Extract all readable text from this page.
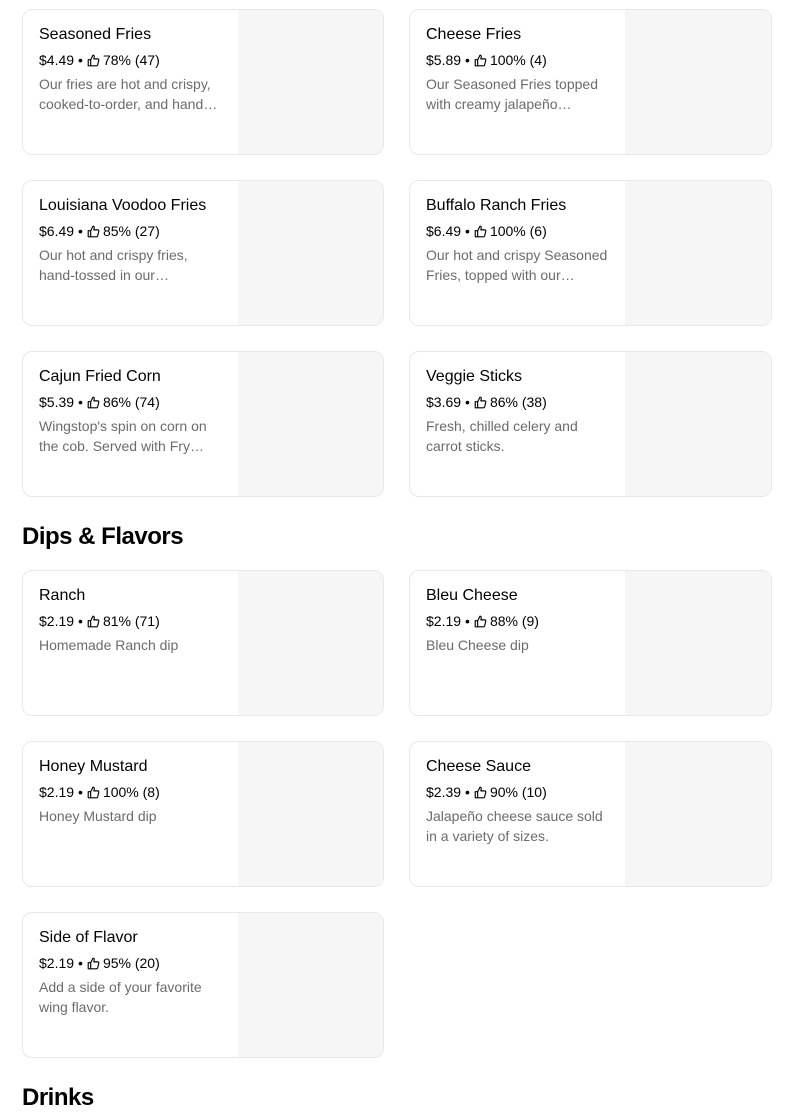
Seasoned Fries
$4.49 • 78% (47)
Our fries are hot and crispy, cooked-to-order, and hand…
Cheese Fries
$5.89 • 100% (4)
Our Seasoned Fries topped with creamy jalapeño…
Louisiana Voodoo Fries
$6.49 • 85% (27)
Our hot and crispy fries, hand-tossed in our…
Buffalo Ranch Fries
$6.49 • 100% (6)
Our hot and crispy Seasoned Fries, topped with our…
Cajun Fried Corn
$5.39 • 86% (74)
Wingstop's spin on corn on the cob. Served with Fry…
Veggie Sticks
$3.69 • 86% (38)
Fresh, chilled celery and carrot sticks.
Dips & Flavors
Ranch
$2.19 • 81% (71)
Homemade Ranch dip
Bleu Cheese
$2.19 • 88% (9)
Bleu Cheese dip
Honey Mustard
$2.19 • 100% (8)
Honey Mustard dip
Cheese Sauce
$2.39 • 90% (10)
Jalapeño cheese sauce sold in a variety of sizes.
Side of Flavor
$2.19 • 95% (20)
Add a side of your favorite wing flavor.
Drinks
